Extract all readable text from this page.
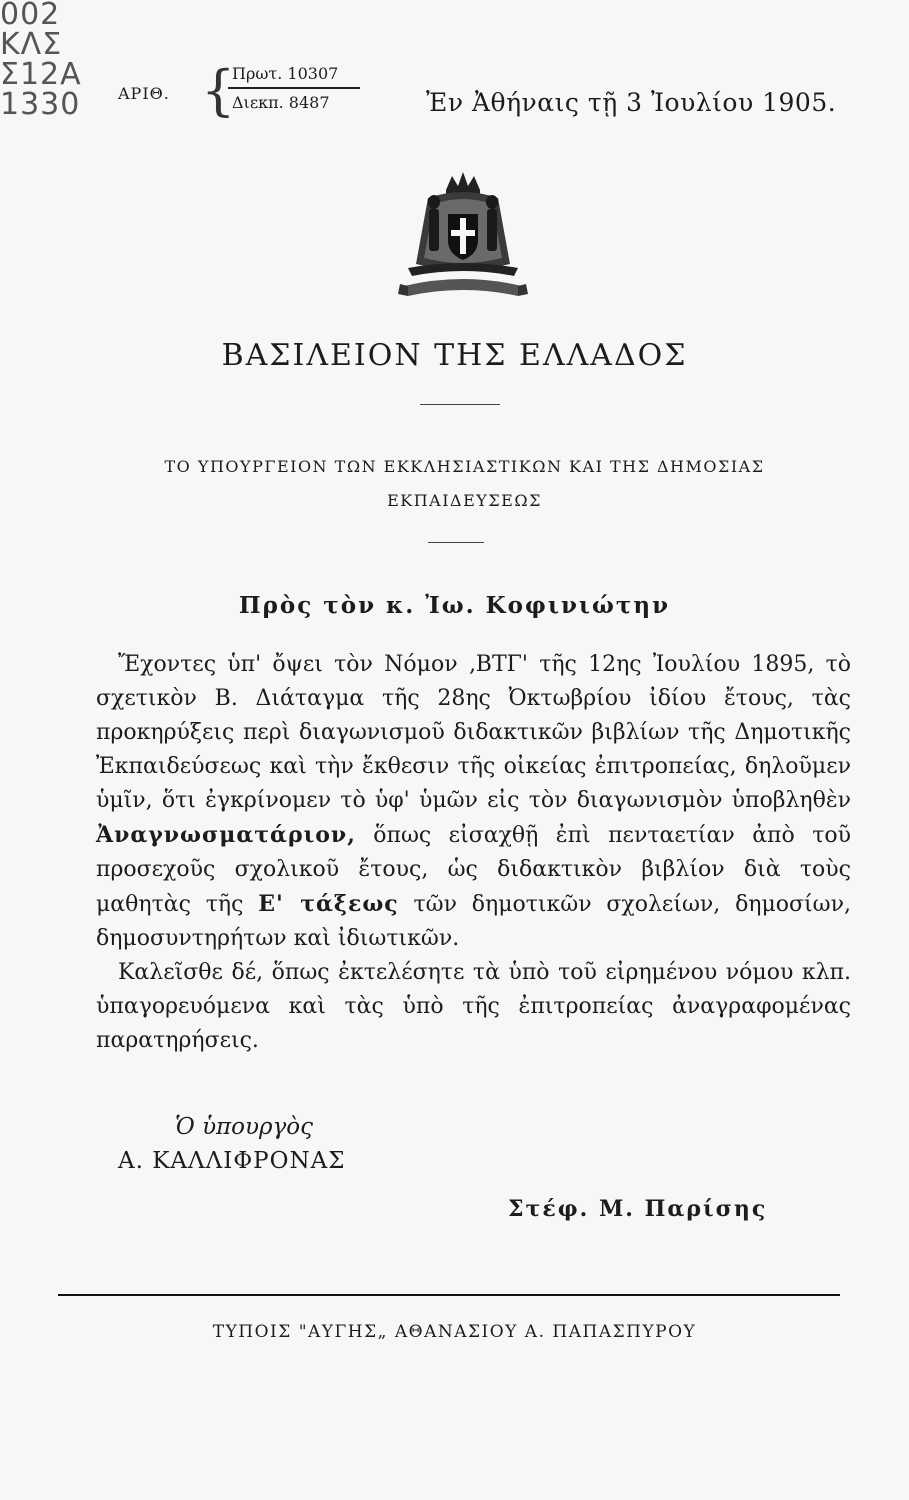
002
ΚΛΣ
Σ12Α
1330 ΑΡΙΘ. {
Πρωτ. 10307
Διεκπ. 8487	Ἐν Ἀθήναις τῇ 3 Ἰουλίου 1905.
ΒΑΣΙΛΕΙΟΝ ΤΗΣ ΕΛΛΑΔΟΣ
ΤΟ ΥΠΟΥΡΓΕΙΟΝ ΤΩΝ ΕΚΚΛΗΣΙΑΣΤΙΚΩΝ ΚΑΙ ΤΗΣ ΔΗΜΟΣΙΑΣ
ΕΚΠΑΙΔΕΥΣΕΩΣ
Πρὸς τὸν κ. Ἰω. Κοφινιώτην

Ἔχοντες ὑπ' ὄψει τὸν Νόμον ‚ΒΤΓ' τῆς 12ης Ἰουλίου 1895, τὸ σχετικὸν Β. Διάταγμα τῆς 28ης Ὀκτωβρίου ἰδίου ἔτους, τὰς προκηρύξεις περὶ διαγωνισμοῦ διδακτικῶν βιβλίων τῆς Δημοτικῆς Ἐκπαιδεύσεως καὶ τὴν ἔκθεσιν τῆς οἰκείας ἐπιτροπείας, δηλοῦμεν ὑμῖν, ὅτι ἐγκρίνομεν τὸ ὑφ' ὑμῶν εἰς τὸν διαγωνισμὸν ὑποβληθὲν Ἀναγνωσματάριον, ὅπως εἰσαχθῇ ἐπὶ πενταετίαν ἀπὸ τοῦ προσεχοῦς σχολικοῦ ἔτους, ὡς διδακτικὸν βιβλίον διὰ τοὺς μαθητὰς τῆς Ε' τάξεως τῶν δημοτικῶν σχολείων, δημοσίων, δημοσυντηρήτων καὶ ἰδιωτικῶν.

Καλεῖσθε δέ, ὅπως ἐκτελέσητε τὰ ὑπὸ τοῦ εἰρημένου νόμου κλπ. ὑπαγορευόμενα καὶ τὰς ὑπὸ τῆς ἐπιτροπείας ἀναγραφομένας παρατηρήσεις.

Ὁ ὑπουργὸς
Α. ΚΑΛΛΙΦΡΟΝΑΣ
Στέφ. Μ. Παρίσης
ΤΥΠΟΙΣ "ΑΥΓΗΣ„ ΑΘΑΝΑΣΙΟΥ Α. ΠΑΠΑΣΠΥΡΟΥ
